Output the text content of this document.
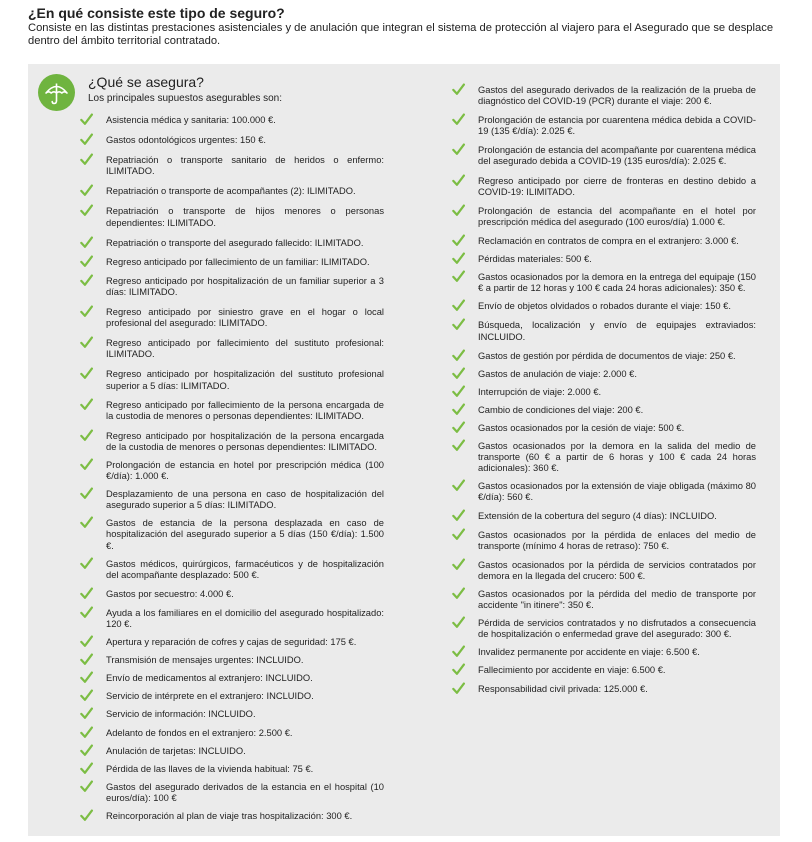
¿En qué consiste este tipo de seguro?

Consiste en las distintas prestaciones asistenciales y de anulación que integran el sistema de protección al viajero para el Asegurado que se desplace dentro del ámbito territorial contratado.

¿Qué se asegura?

Los principales supuestos asegurables son:

Asistencia médica y sanitaria: 100.000 €.
Gastos odontológicos urgentes: 150 €.
Repatriación o transporte sanitario de heridos o enfermo: ILIMITADO.
Repatriación o transporte de acompañantes (2): ILIMITADO.
Repatriación o transporte de hijos menores o personas dependientes: ILIMITADO.
Repatriación o transporte del asegurado fallecido: ILIMITADO.
Regreso anticipado por fallecimiento de un familiar: ILIMITADO.
Regreso anticipado por hospitalización de un familiar superior a 3 días: ILIMITADO.
Regreso anticipado por siniestro grave en el hogar o local profesional del asegurado: ILIMITADO.
Regreso anticipado por fallecimiento del sustituto profesional: ILIMITADO.
Regreso anticipado por hospitalización del sustituto profesional superior a 5 días: ILIMITADO.
Regreso anticipado por fallecimiento de la persona encargada de la custodia de menores o personas dependientes: ILIMITADO.
Regreso anticipado por hospitalización de la persona encargada de la custodia de menores o personas dependientes: ILIMITADO.
Prolongación de estancia en hotel por prescripción médica (100 €/día): 1.000 €.
Desplazamiento de una persona en caso de hospitalización del asegurado superior a 5 días: ILIMITADO.
Gastos de estancia de la persona desplazada en caso de hospitalización del asegurado superior a 5 días (150 €/día): 1.500 €.
Gastos médicos, quirúrgicos, farmacéuticos y de hospitalización del acompañante desplazado: 500 €.
Gastos por secuestro: 4.000 €.
Ayuda a los familiares en el domicilio del asegurado hospitalizado: 120 €.
Apertura y reparación de cofres y cajas de seguridad: 175 €.
Transmisión de mensajes urgentes: INCLUIDO.
Envío de medicamentos al extranjero: INCLUIDO.
Servicio de intérprete en el extranjero: INCLUIDO.
Servicio de información: INCLUIDO.
Adelanto de fondos en el extranjero: 2.500 €.
Anulación de tarjetas: INCLUIDO.
Pérdida de las llaves de la vivienda habitual: 75 €.
Gastos del asegurado derivados de la estancia en el hospital (10 euros/día): 100 €
Reincorporación al plan de viaje tras hospitalización: 300 €.
Gastos del asegurado derivados de la realización de la prueba de diagnóstico del COVID-19 (PCR) durante el viaje: 200 €.
Prolongación de estancia por cuarentena médica debida a COVID-19 (135 €/día): 2.025 €.
Prolongación de estancia del acompañante por cuarentena médica del asegurado debida a COVID-19 (135 euros/día): 2.025 €.
Regreso anticipado por cierre de fronteras en destino debido a COVID-19: ILIMITADO.
Prolongación de estancia del acompañante en el hotel por prescripción médica del asegurado (100 euros/día) 1.000 €.
Reclamación en contratos de compra en el extranjero: 3.000 €.
Pérdidas materiales: 500 €.
Gastos ocasionados por la demora en la entrega del equipaje (150 € a partir de 12 horas y 100 € cada 24 horas adicionales): 350 €.
Envío de objetos olvidados o robados durante el viaje: 150 €.
Búsqueda, localización y envío de equipajes extraviados: INCLUIDO.
Gastos de gestión por pérdida de documentos de viaje: 250 €.
Gastos de anulación de viaje: 2.000 €.
Interrupción de viaje: 2.000 €.
Cambio de condiciones del viaje: 200 €.
Gastos ocasionados por la cesión de viaje: 500 €.
Gastos ocasionados por la demora en la salida del medio de transporte (60 € a partir de 6 horas y 100 € cada 24 horas adicionales): 360 €.
Gastos ocasionados por la extensión de viaje obligada (máximo 80 €/día): 560 €.
Extensión de la cobertura del seguro (4 días): INCLUIDO.
Gastos ocasionados por la pérdida de enlaces del medio de transporte (mínimo 4 horas de retraso): 750 €.
Gastos ocasionados por la pérdida de servicios contratados por demora en la llegada del crucero: 500 €.
Gastos ocasionados por la pérdida del medio de transporte por accidente "in itinere": 350 €.
Pérdida de servicios contratados y no disfrutados a consecuencia de hospitalización o enfermedad grave del asegurado: 300 €.
Invalidez permanente por accidente en viaje: 6.500 €.
Fallecimiento por accidente en viaje: 6.500 €.
Responsabilidad civil privada: 125.000 €.
